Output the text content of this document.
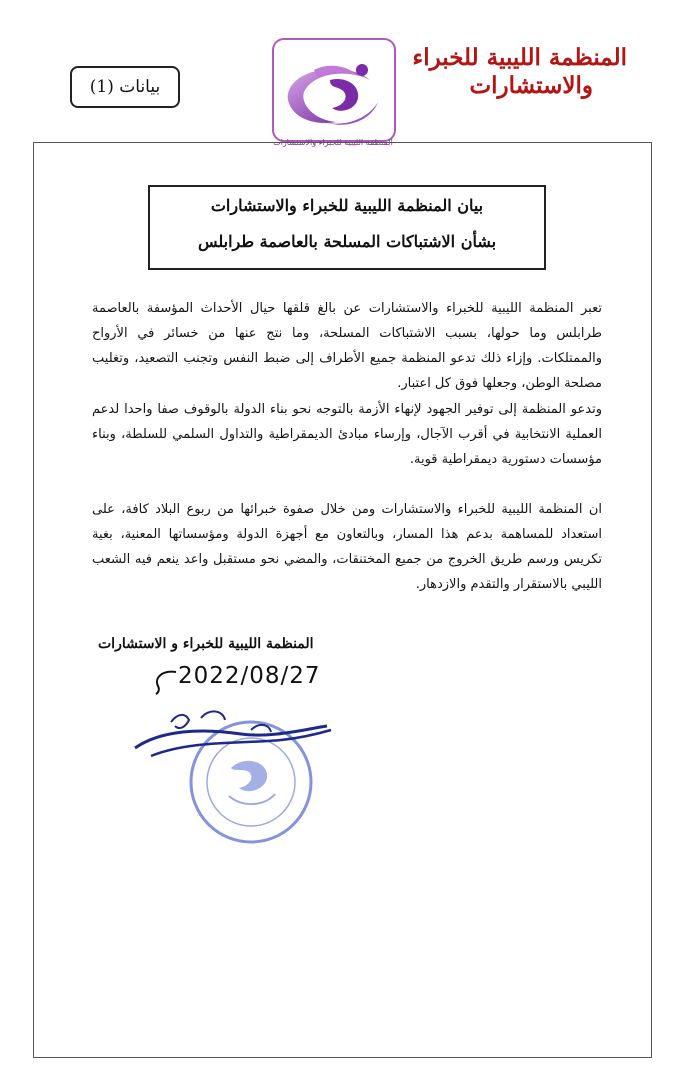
المنظمة الليبية للخبراء
والاستشارات
المنظمة الليبية للخبراء والاستشارات
بيانات (1)
بيان المنظمة الليبية للخبراء والاستشارات
بشأن الاشتباكات المسلحة بالعاصمة طرابلس
تعبر المنظمة الليبية للخبراء والاستشارات عن بالغ قلقها حيال الأحداث المؤسفة بالعاصمة طرابلس وما حولها، بسبب الاشتباكات المسلحة، وما نتج عنها من خسائر في الأرواح والممتلكات. وإزاء ذلك تدعو المنظمة جميع الأطراف إلى ضبط النفس وتجنب التصعيد، وتغليب مصلحة الوطن، وجعلها فوق كل اعتبار.
وتدعو المنظمة إلى توفير الجهود لإنهاء الأزمة بالتوجه نحو بناء الدولة بالوقوف صفا واحدا لدعم العملية الانتخابية في أقرب الآجال، وإرساء مبادئ الديمقراطية والتداول السلمي للسلطة، وبناء مؤسسات دستورية ديمقراطية قوية.
ان المنظمة الليبية للخبراء والاستشارات ومن خلال صفوة خبرائها من ربوع البلاد كافة، على استعداد للمساهمة بدعم هذا المسار، وبالتعاون مع أجهزة الدولة ومؤسساتها المعنية، بغية تكريس ورسم طريق الخروج من جميع المختنقات، والمضي نحو مستقبل واعد ينعم فيه الشعب الليبي بالاستقرار والتقدم والازدهار.
المنظمة الليبية للخبراء و الاستشارات
2022/08/27
